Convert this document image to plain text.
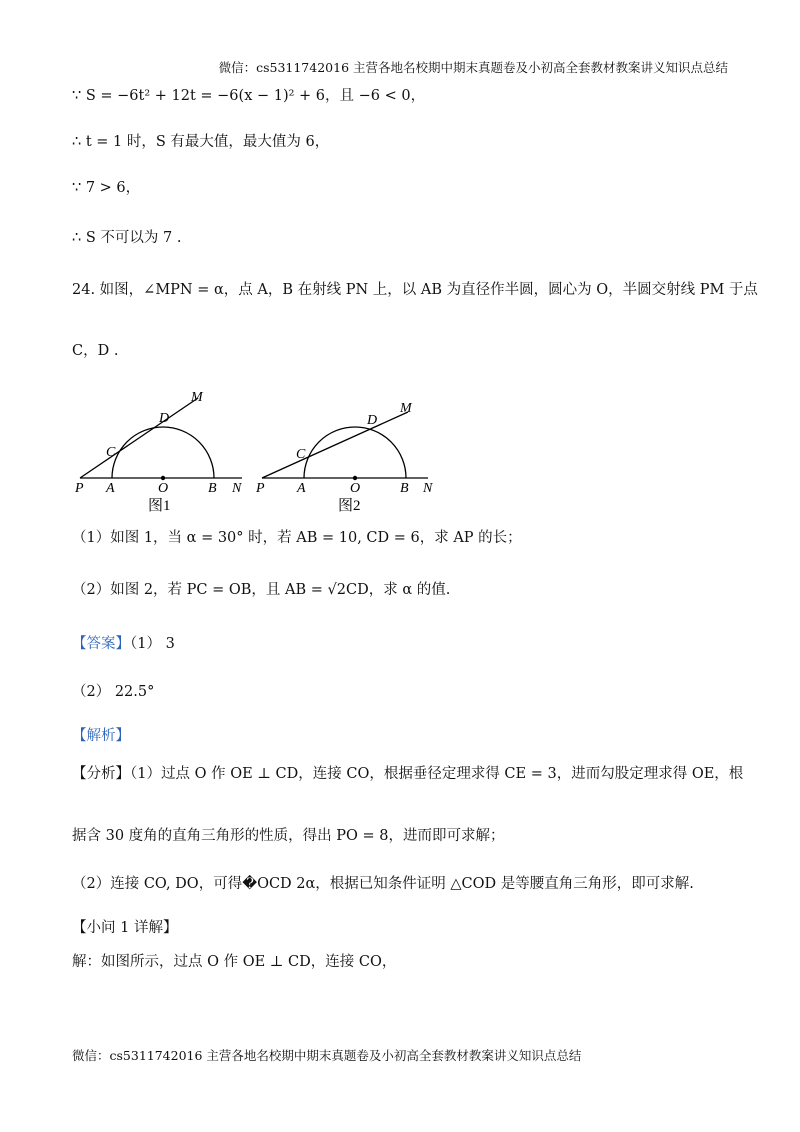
微信：cs5311742016 主营各地名校期中期末真题卷及小初高全套教材教案讲义知识点总结
∵ S = −6t² + 12t = −6(x − 1)² + 6，且 −6 < 0，
∴ t = 1 时，S 有最大值，最大值为 6，
∵ 7 > 6，
∴ S 不可以为 7 .
24. 如图，∠MPN = α，点 A，B 在射线 PN 上，以 AB 为直径作半圆，圆心为 O，半圆交射线 PM 于点
C，D .
P A	O	B N
C
D
M
图1
P A	O	B N
C
D
M
图2
（1）如图 1，当 α = 30° 时，若 AB = 10, CD = 6，求 AP 的长；
（2）如图 2，若 PC = OB，且 AB = √2CD，求 α 的值.
【答案】（1） 3
（2） 22.5°
【解析】
【分析】（1）过点 O 作 OE ⊥ CD，连接 CO，根据垂径定理求得 CE = 3，进而勾股定理求得 OE，根
据含 30 度角的直角三角形的性质，得出 PO = 8，进而即可求解；
（2）连接 CO, DO，可得�OCD 2α，根据已知条件证明 △COD 是等腰直角三角形，即可求解.
【小问 1 详解】
解：如图所示，过点 O 作 OE ⊥ CD，连接 CO，
微信：cs5311742016 主营各地名校期中期末真题卷及小初高全套教材教案讲义知识点总结
